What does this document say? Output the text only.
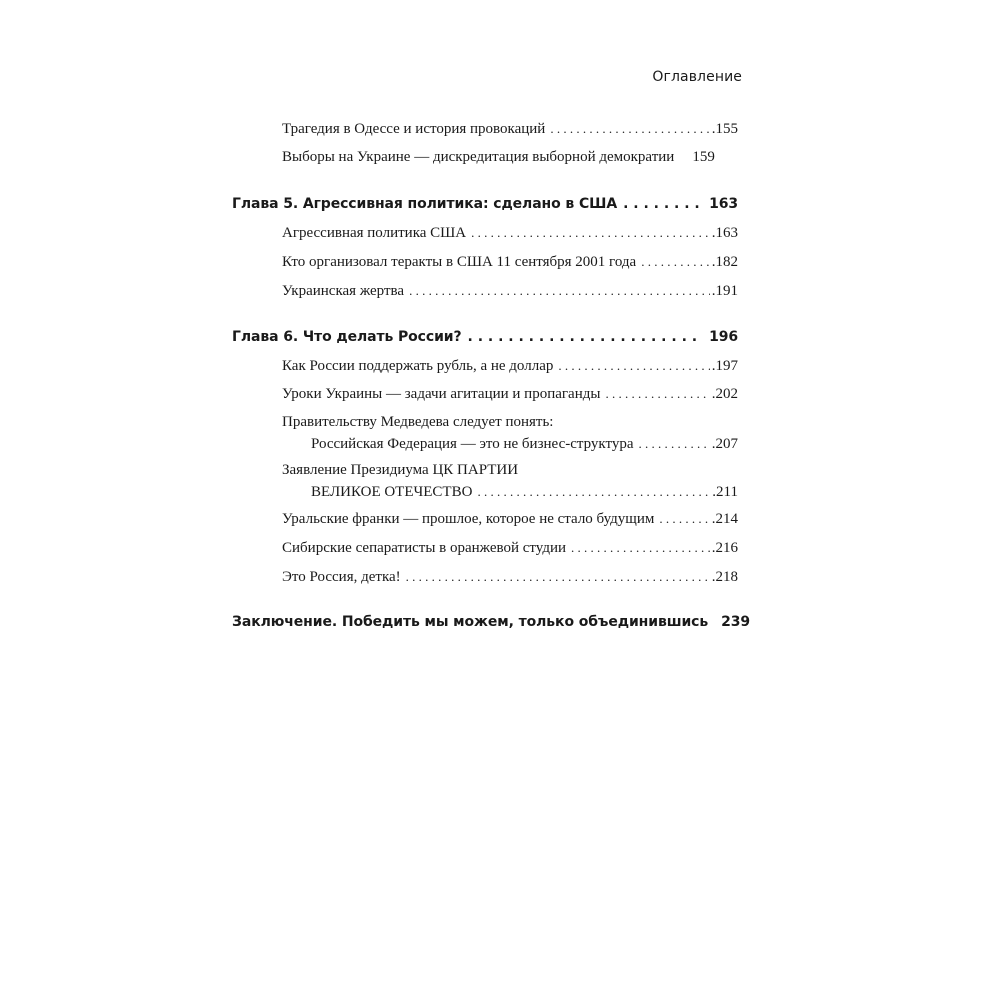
Оглавление
Трагедия в Одессе и история провокаций . . .	.155
Выборы на Украине — дискредитация выборной демократии 159
Глава 5. Агрессивная политика: сделано в США . . .	163
Агрессивная политика США . . .	.163
Кто организовал теракты в США 11 сентября 2001 года . . .	.182
Украинская жертва . . .	.191
Глава 6. Что делать России? . . .	196
Как России поддержать рубль, а не доллар . . .	.197
Уроки Украины — задачи агитации и пропаганды . . .	.202
Правительству Медведева следует понять:
Российская Федерация — это не бизнес-структура . . .	.207
Заявление Президиума ЦК ПАРТИИ
ВЕЛИКОЕ ОТЕЧЕСТВО . . .	.211
Уральские франки — прошлое, которое не стало будущим . . .	.214
Сибирские сепаратисты в оранжевой студии . . .	.216
Это Россия, детка! . . .	.218
Заключение. Победить мы можем, только объединившись 239
